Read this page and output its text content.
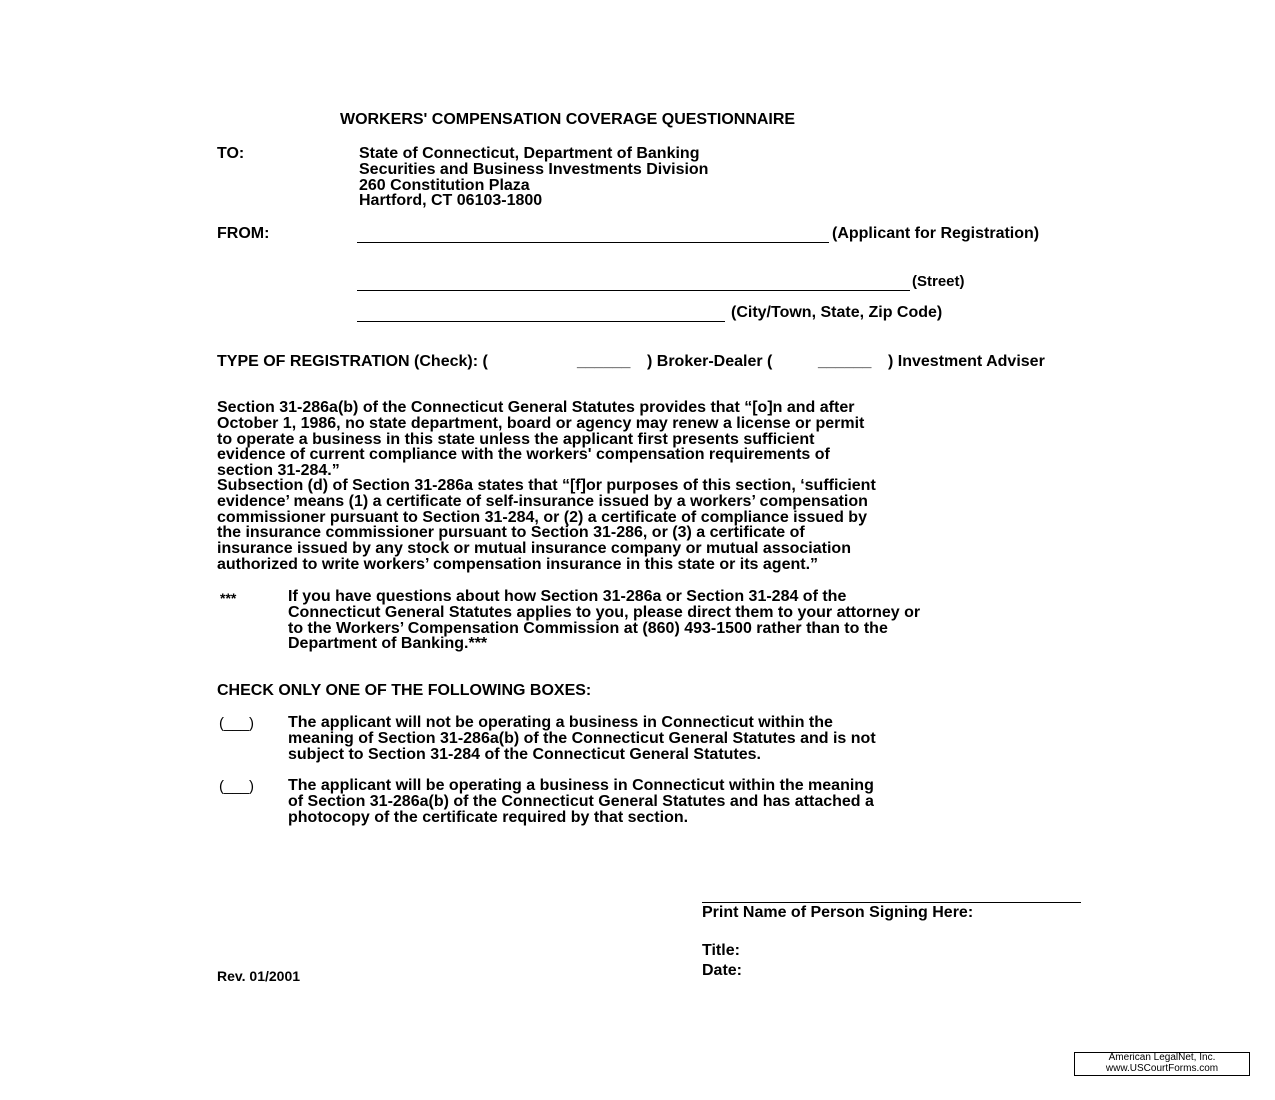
WORKERS' COMPENSATION COVERAGE QUESTIONNAIRE
TO:	State of Connecticut, Department of Banking
Securities and Business Investments Division
260 Constitution Plaza
Hartford, CT 06103-1800
FROM:	(Applicant for Registration)
(Street)
(City/Town, State, Zip Code)
TYPE OF REGISTRATION (Check): (	______ ) Broker-Dealer (	______ ) Investment Adviser
Section 31-286a(b) of the Connecticut General Statutes provides that “[o]n and after
October 1, 1986, no state department, board or agency may renew a license or permit
to operate a business in this state unless the applicant first presents sufficient
evidence of current compliance with the workers' compensation requirements of
section 31-284.”
Subsection (d) of Section 31-286a states that “[f]or purposes of this section, ‘sufficient
evidence’ means (1) a certificate of self-insurance issued by a workers’ compensation
commissioner pursuant to Section 31-284, or (2) a certificate of compliance issued by
the insurance commissioner pursuant to Section 31-286, or (3) a certificate of
insurance issued by any stock or mutual insurance company or mutual association
authorized to write workers’ compensation insurance in this state or its agent.”
***	If you have questions about how Section 31-286a or Section 31-284 of the
Connecticut General Statutes applies to you, please direct them to your attorney or
to the Workers’ Compensation Commission at (860) 493-1500 rather than to the
Department of Banking.***
CHECK ONLY ONE OF THE FOLLOWING BOXES:
(___) The applicant will not be operating a business in Connecticut within the
meaning of Section 31-286a(b) of the Connecticut General Statutes and is not
subject to Section 31-284 of the Connecticut General Statutes.
(___) The applicant will be operating a business in Connecticut within the meaning
of Section 31-286a(b) of the Connecticut General Statutes and has attached a
photocopy of the certificate required by that section.
Print Name of Person Signing Here:
Title:
Date:
Rev. 01/2001
American LegalNet, Inc.
www.USCourtForms.com
